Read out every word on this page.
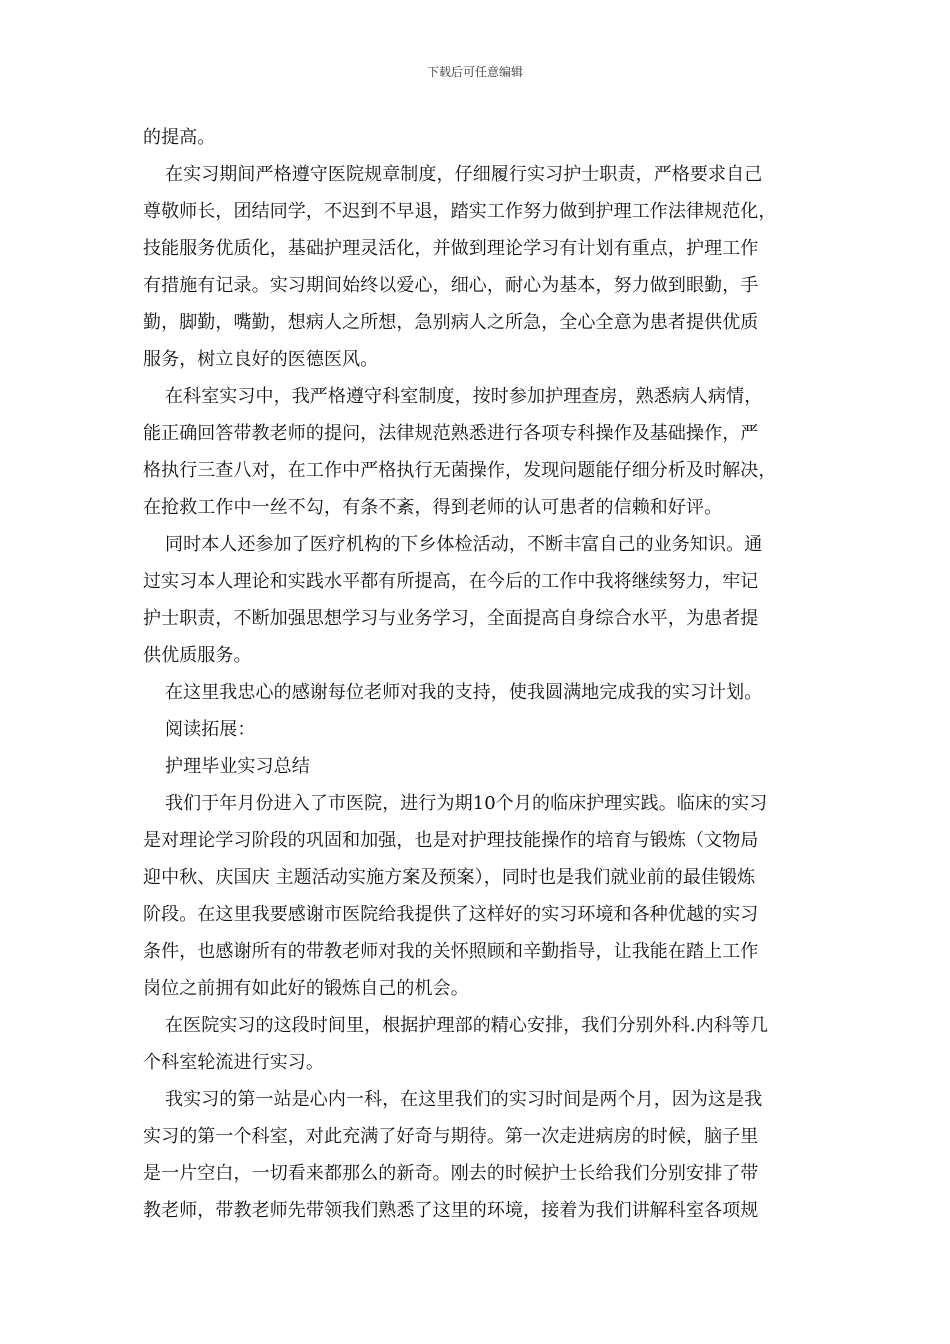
下载后可任意编辑
的提高。
在实习期间严格遵守医院规章制度，仔细履行实习护士职责，严格要求自己
尊敬师长，团结同学，不迟到不早退，踏实工作努力做到护理工作法律规范化，
技能服务优质化，基础护理灵活化，并做到理论学习有计划有重点，护理工作
有措施有记录。实习期间始终以爱心，细心，耐心为基本，努力做到眼勤，手
勤，脚勤，嘴勤，想病人之所想，急别病人之所急，全心全意为患者提供优质
服务，树立良好的医德医风。
在科室实习中，我严格遵守科室制度，按时参加护理查房，熟悉病人病情，
能正确回答带教老师的提问，法律规范熟悉进行各项专科操作及基础操作，严
格执行三查八对，在工作中严格执行无菌操作，发现问题能仔细分析及时解决，
在抢救工作中一丝不勾，有条不紊，得到老师的认可患者的信赖和好评。
同时本人还参加了医疗机构的下乡体检活动，不断丰富自己的业务知识。通
过实习本人理论和实践水平都有所提高，在今后的工作中我将继续努力，牢记
护士职责，不断加强思想学习与业务学习，全面提高自身综合水平，为患者提
供优质服务。
在这里我忠心的感谢每位老师对我的支持，使我圆满地完成我的实习计划。
阅读拓展：
护理毕业实习总结
我们于年月份进入了市医院，进行为期10个月的临床护理实践。临床的实习
是对理论学习阶段的巩固和加强，也是对护理技能操作的培育与锻炼（文物局
迎中秋、庆国庆 主题活动实施方案及预案），同时也是我们就业前的最佳锻炼
阶段。在这里我要感谢市医院给我提供了这样好的实习环境和各种优越的实习
条件，也感谢所有的带教老师对我的关怀照顾和辛勤指导，让我能在踏上工作
岗位之前拥有如此好的锻炼自己的机会。
在医院实习的这段时间里，根据护理部的精心安排，我们分别外科.内科等几
个科室轮流进行实习。
我实习的第一站是心内一科，在这里我们的实习时间是两个月，因为这是我
实习的第一个科室，对此充满了好奇与期待。第一次走进病房的时候，脑子里
是一片空白，一切看来都那么的新奇。刚去的时候护士长给我们分别安排了带
教老师，带教老师先带领我们熟悉了这里的环境，接着为我们讲解科室各项规
